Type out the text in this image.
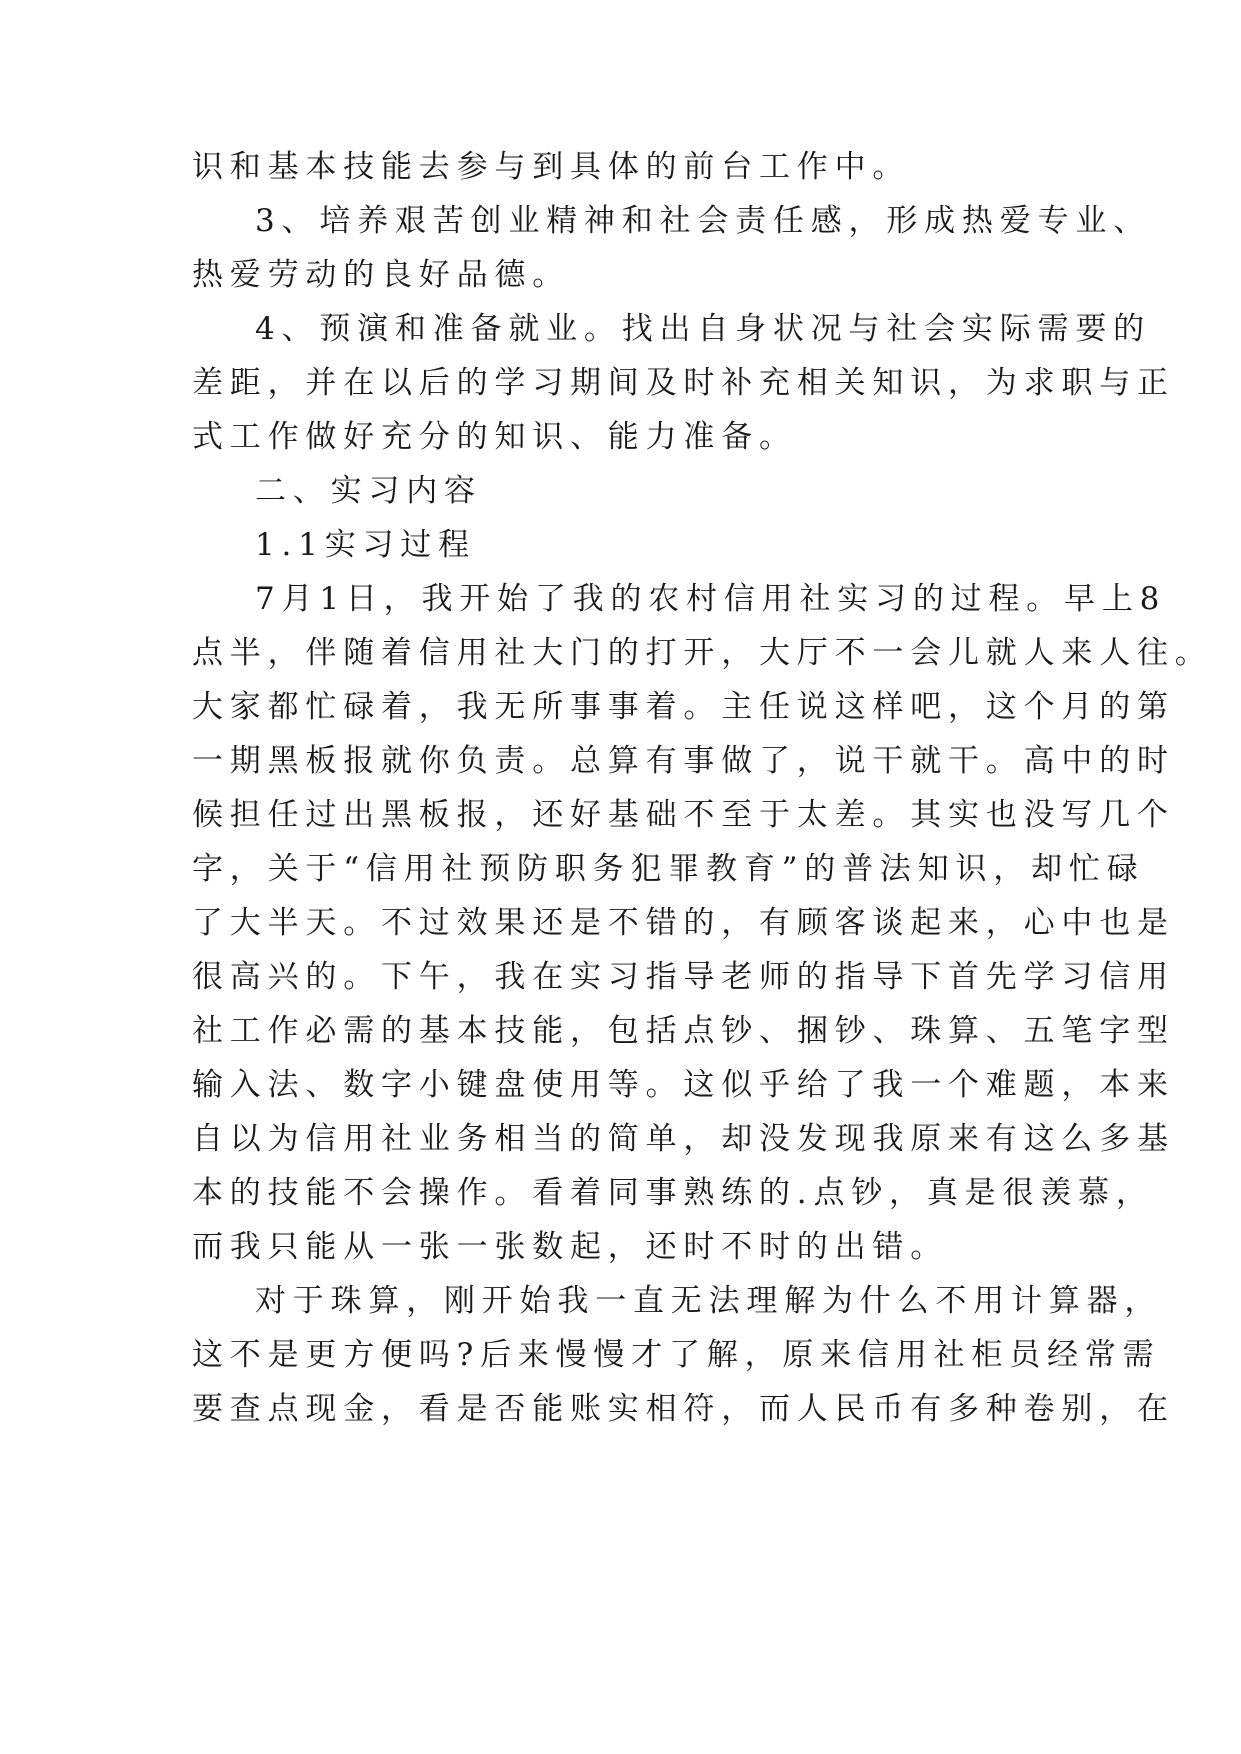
识和基本技能去参与到具体的前台工作中。
3、培养艰苦创业精神和社会责任感，形成热爱专业、
热爱劳动的良好品德。
4、预演和准备就业。找出自身状况与社会实际需要的
差距，并在以后的学习期间及时补充相关知识，为求职与正
式工作做好充分的知识、能力准备。
二、实习内容
1.1实习过程
7月1日，我开始了我的农村信用社实习的过程。早上8
点半，伴随着信用社大门的打开，大厅不一会儿就人来人往。
大家都忙碌着，我无所事事着。主任说这样吧，这个月的第
一期黑板报就你负责。总算有事做了，说干就干。高中的时
候担任过出黑板报，还好基础不至于太差。其实也没写几个
字，关于“信用社预防职务犯罪教育”的普法知识，却忙碌
了大半天。不过效果还是不错的，有顾客谈起来，心中也是
很高兴的。下午，我在实习指导老师的指导下首先学习信用
社工作必需的基本技能，包括点钞、捆钞、珠算、五笔字型
输入法、数字小键盘使用等。这似乎给了我一个难题，本来
自以为信用社业务相当的简单，却没发现我原来有这么多基
本的技能不会操作。看着同事熟练的.点钞，真是很羡慕，
而我只能从一张一张数起，还时不时的出错。
对于珠算，刚开始我一直无法理解为什么不用计算器，
这不是更方便吗?后来慢慢才了解，原来信用社柜员经常需
要查点现金，看是否能账实相符，而人民币有多种卷别，在
